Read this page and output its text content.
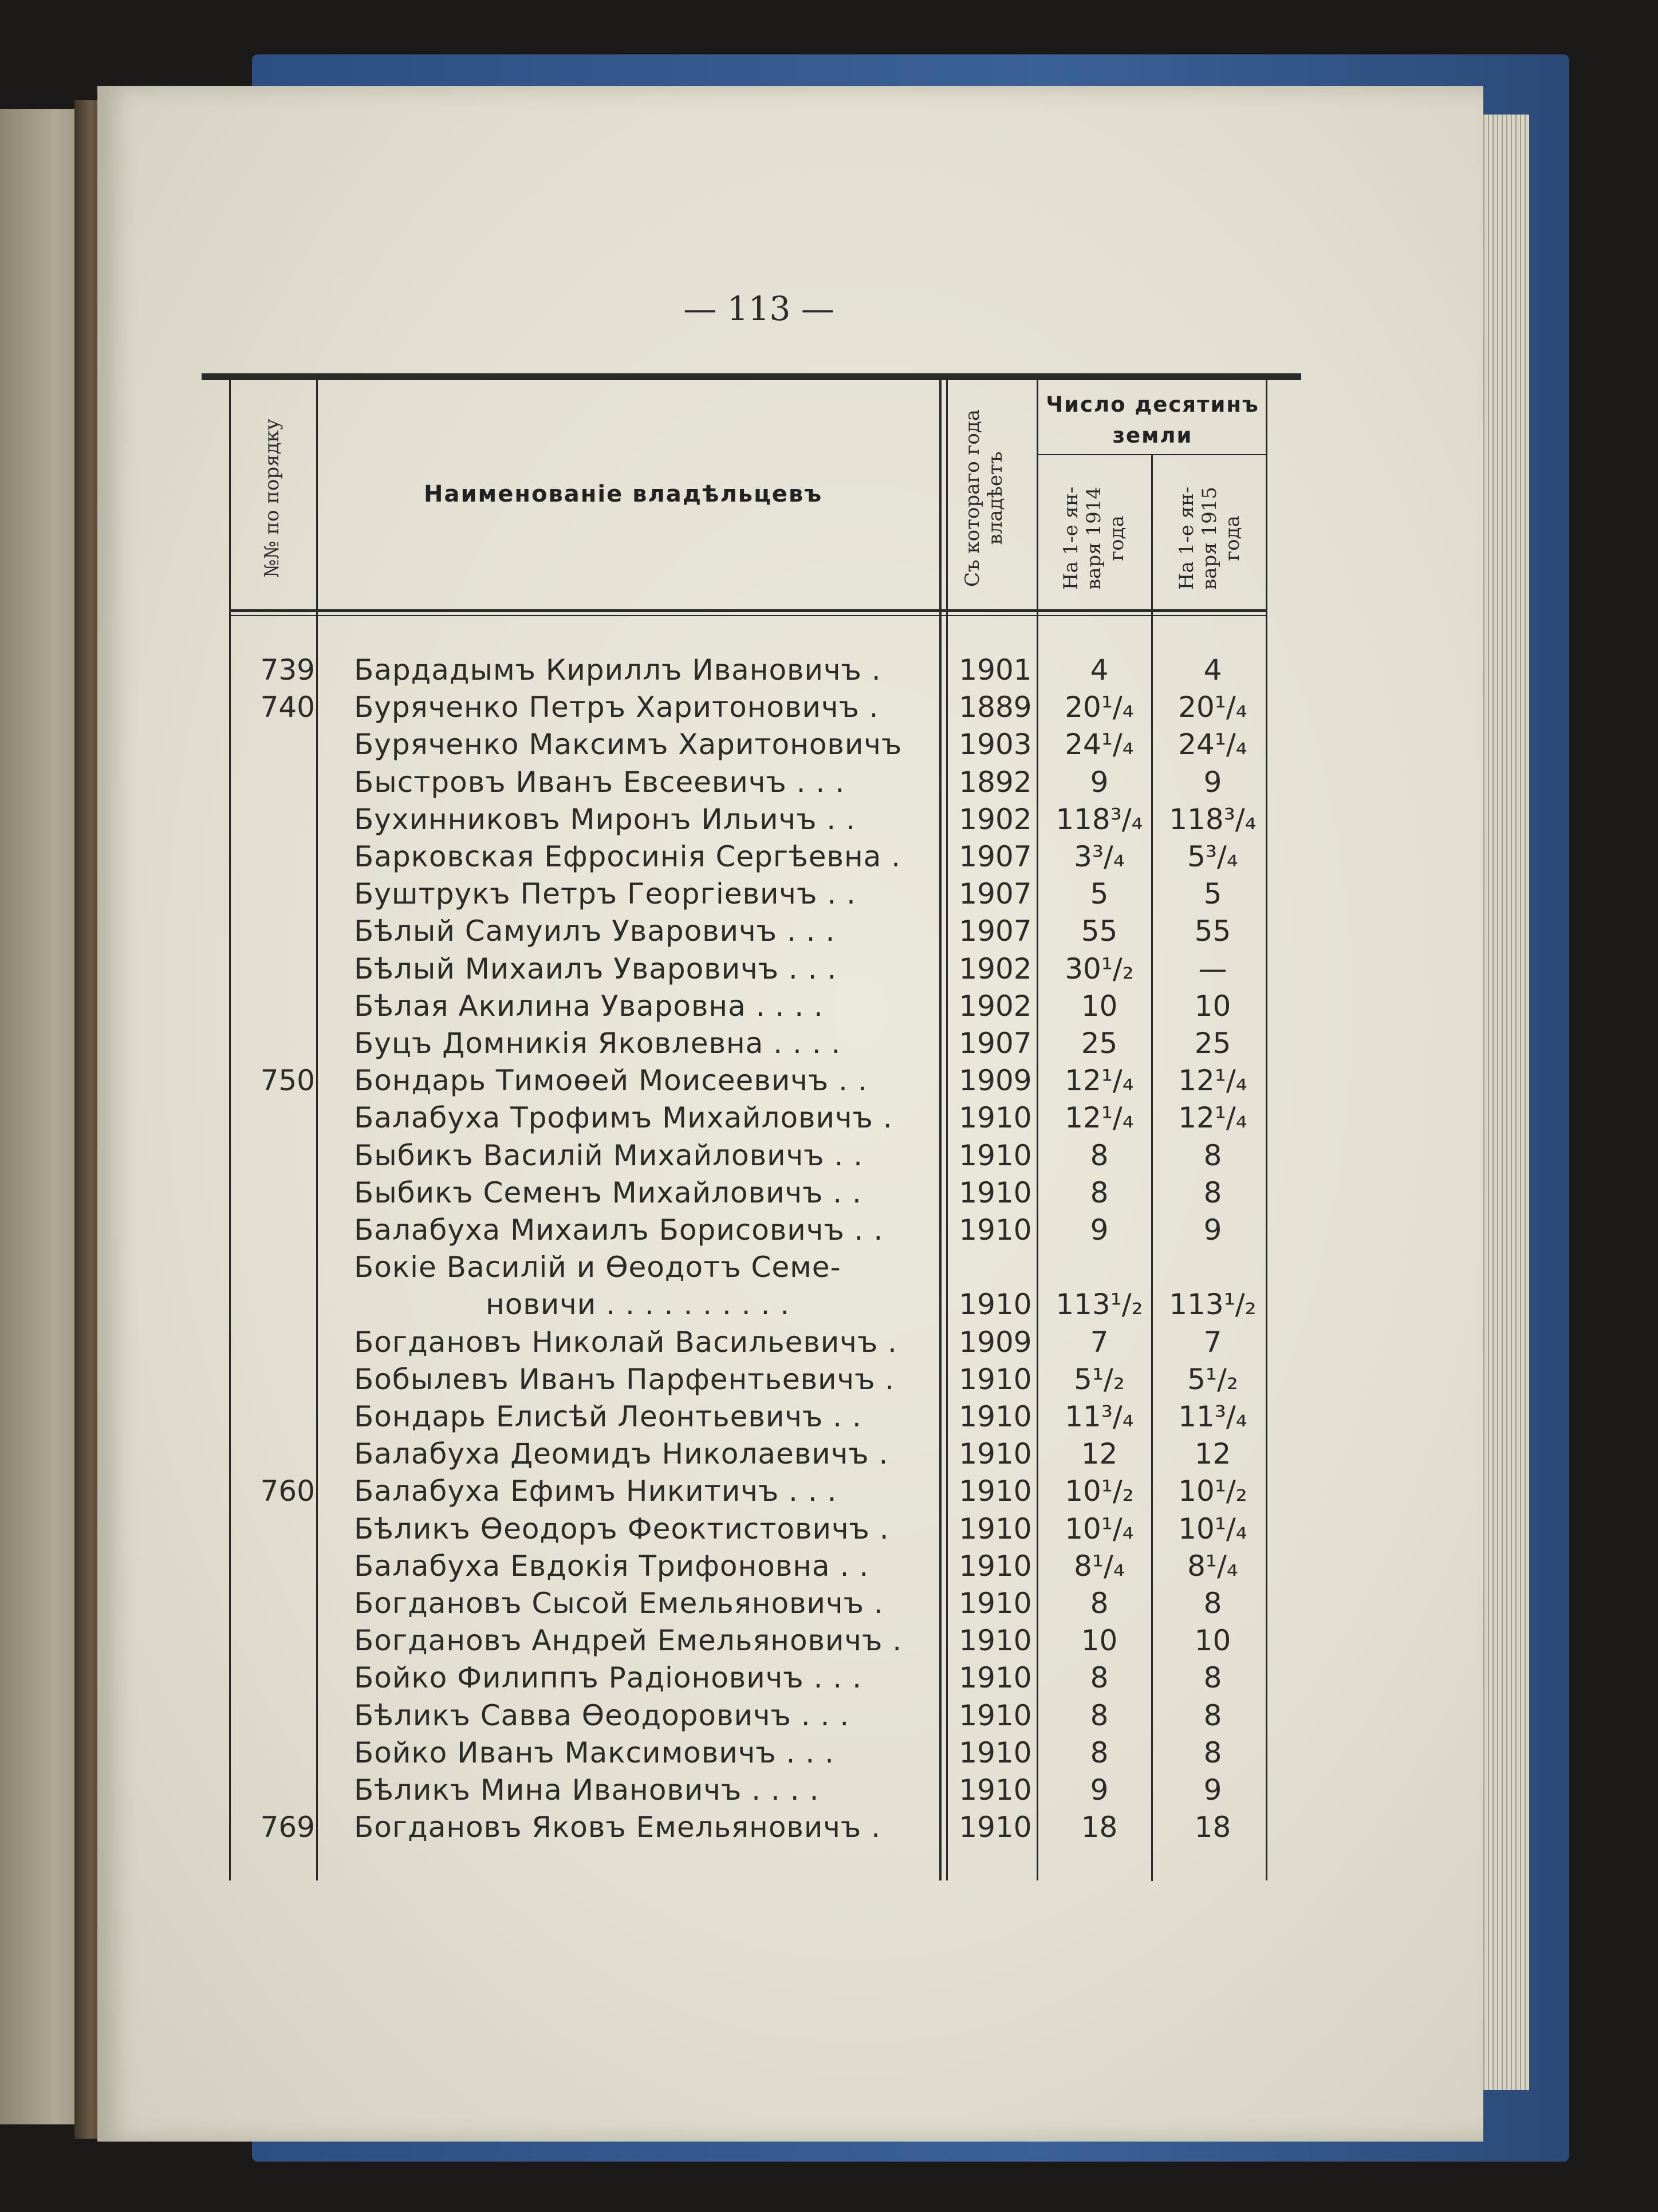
— 113 —
№№ по порядку	Наименованіе владѣльцевъ
Съ котораго года
владѣетъ
Число десятинъ
земли
На 1-е ян-
варя 1914
года
На 1-е ян-
варя 1915
года
739 Бардадымъ Кириллъ Ивановичъ .	1901	4	4
740 Буряченко Петръ Харитоновичъ .	1889	20¹/₄	20¹/₄
Буряченко Максимъ Харитоновичъ	1903	24¹/₄	24¹/₄
Быстровъ Иванъ Евсеевичъ . . .	1892	9	9
Бухинниковъ Миронъ Ильичъ . .	1902 118³/₄ 118³/₄
Барковская Ефросинія Сергѣевна .	1907	3³/₄	5³/₄
Буштрукъ Петръ Георгіевичъ . .	1907	5	5
Бѣлый Самуилъ Уваровичъ . . .	1907	55	55
Бѣлый Михаилъ Уваровичъ . . .	1902	30¹/₂	—
Бѣлая Акилина Уваровна . . . .	1902	10	10
Буцъ Домникія Яковлевна . . . .	1907	25	25
750 Бондарь Тимоѳей Моисеевичъ . .	1909	12¹/₄	12¹/₄
Балабуха Трофимъ Михайловичъ .	1910	12¹/₄	12¹/₄
Быбикъ Василій Михайловичъ . .	1910	8	8
Быбикъ Семенъ Михайловичъ . .	1910	8	8
Балабуха Михаилъ Борисовичъ . .	1910	9	9
Бокіе Василій и Ѳеодотъ Семе-
новичи . . . . . . . . . .	1910 113¹/₂ 113¹/₂
Богдановъ Николай Васильевичъ .	1909	7	7
Бобылевъ Иванъ Парфентьевичъ .	1910	5¹/₂	5¹/₂
Бондарь Елисѣй Леонтьевичъ . .	1910	11³/₄	11³/₄
Балабуха Деомидъ Николаевичъ .	1910	12	12
760 Балабуха Ефимъ Никитичъ . . .	1910	10¹/₂	10¹/₂
Бѣликъ Ѳеодоръ Феоктистовичъ .	1910	10¹/₄	10¹/₄
Балабуха Евдокія Трифоновна . .	1910	8¹/₄	8¹/₄
Богдановъ Сысой Емельяновичъ .	1910	8	8
Богдановъ Андрей Емельяновичъ .	1910	10	10
Бойко Филиппъ Радіоновичъ . . .	1910	8	8
Бѣликъ Савва Ѳеодоровичъ . . .	1910	8	8
Бойко Иванъ Максимовичъ . . .	1910	8	8
Бѣликъ Мина Ивановичъ . . . .	1910	9	9
769 Богдановъ Яковъ Емельяновичъ .	1910	18	18
